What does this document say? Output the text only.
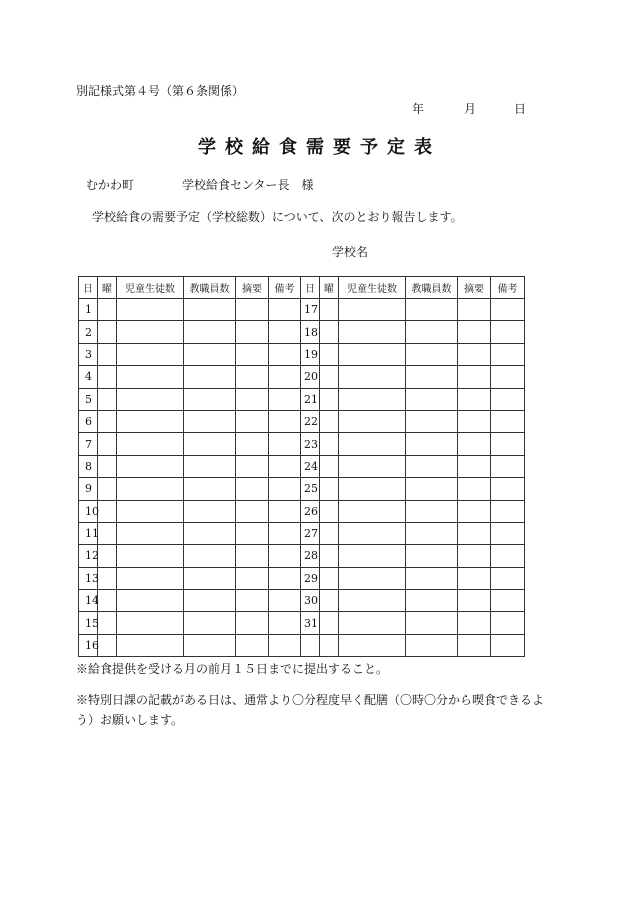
別記様式第４号（第６条関係）
年	月	日
学校給食需要予定表
むかわ町	学校給食センター長　様
学校給食の需要予定（学校総数）について、次のとおり報告します。
学校名
日	曜	児童生徒数	教職員数	摘要	備考	日	曜	児童生徒数	教職員数	摘要	備考
1						17					
2						18					
3						19					
4						20					
5						21					
6						22					
7						23					
8						24					
9						25					
10						26					
11						27					
12						28					
13						29					
14						30					
15						31					
16											
※給食提供を受ける月の前月１５日までに提出すること。
※特別日課の記載がある日は、通常より〇分程度早く配膳（〇時〇分から喫食できるよ
う）お願いします。
